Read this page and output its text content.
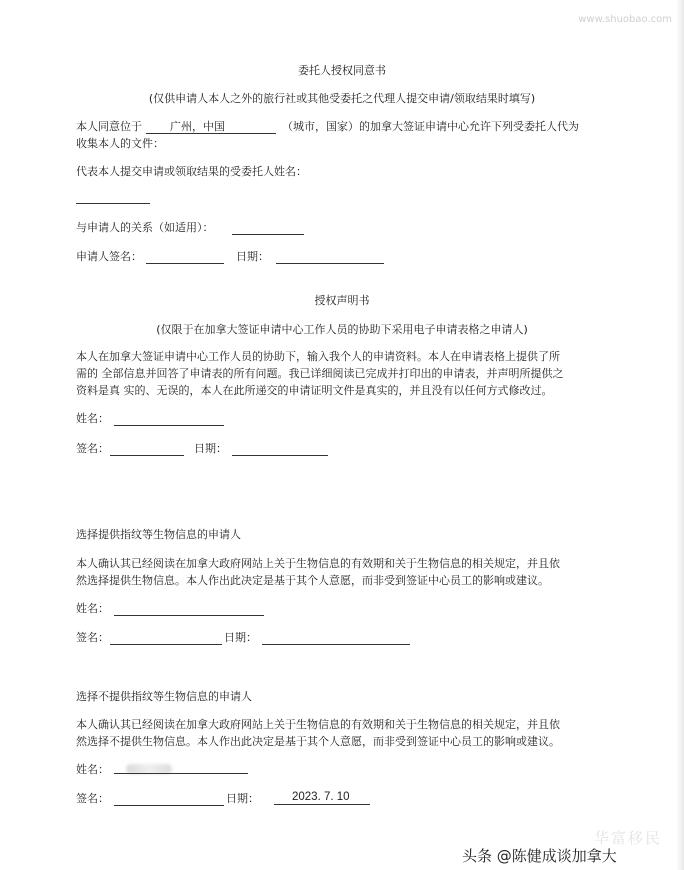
www.shuobao.com
委托人授权同意书
(仅供申请人本人之外的旅行社或其他受委托之代理人提交申请/领取结果时填写)
本人同意位于	广州，中国	（城市，国家）的加拿大签证申请中心允许下列受委托人代为
收集本人的文件：
代表本人提交申请或领取结果的受委托人姓名：
与申请人的关系（如适用）：
申请人签名：	日期：
授权声明书
(仅限于在加拿大签证申请中心工作人员的协助下采用电子申请表格之申请人)
本人在加拿大签证申请中心工作人员的协助下，输入我个人的申请资料。本人在申请表格上提供了所
需的 全部信息并回答了申请表的所有问题。我已详细阅读已完成并打印出的申请表，并声明所提供之
资料是真 实的、无误的，本人在此所递交的申请证明文件是真实的，并且没有以任何方式修改过。
姓名：
签名：	日期：
选择提供指纹等生物信息的申请人
本人确认其已经阅读在加拿大政府网站上关于生物信息的有效期和关于生物信息的相关规定，并且依
然选择提供生物信息。本人作出此决定是基于其个人意愿，而非受到签证中心员工的影响或建议。
姓名：
签名：	日期：
选择不提供指纹等生物信息的申请人
本人确认其已经阅读在加拿大政府网站上关于生物信息的有效期和关于生物信息的相关规定，并且依
然选择不提供生物信息。本人作出此决定是基于其个人意愿，而非受到签证中心员工的影响或建议。
姓名：
签名：	日期：	2023. 7. 10
华富移民
头条 @陈健成谈加拿大
